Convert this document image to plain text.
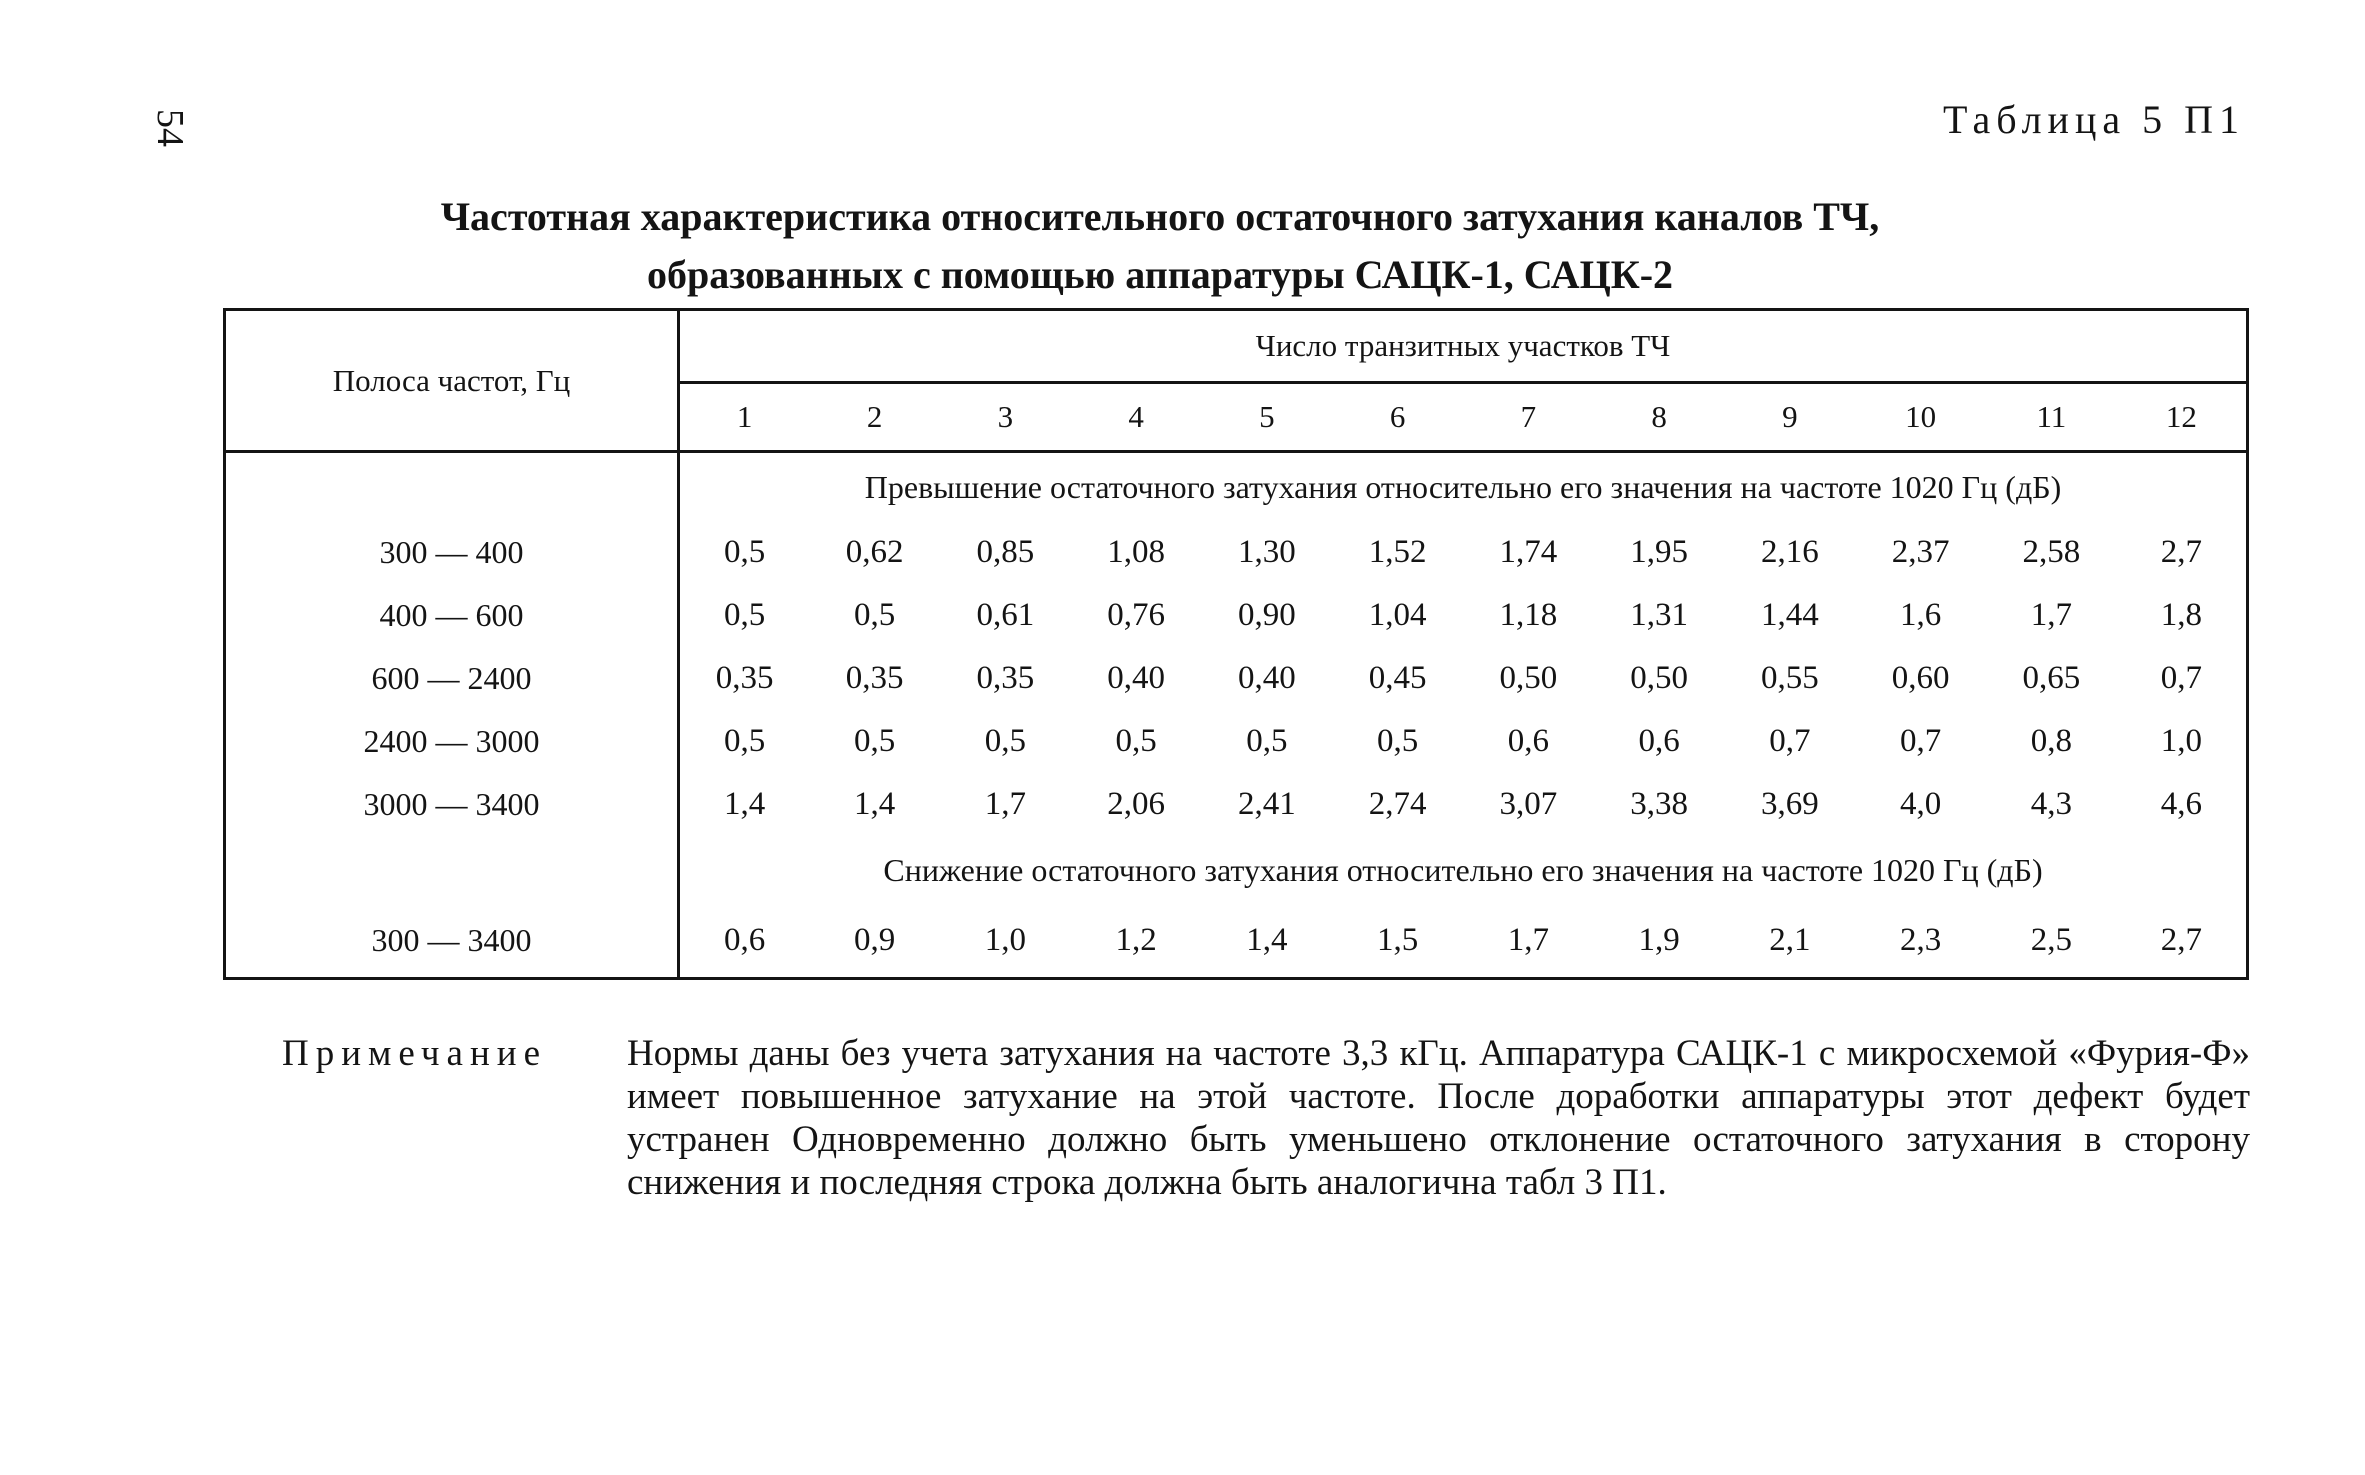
54	Таблица 5 П1
Частотная характеристика относительного остаточного затухания каналов ТЧ,
образованных с помощью аппаратуры САЦК-1, САЦК-2
Полоса частот, Гц	Число транзитных участков ТЧ											
	1	2	3	4	5	6	7	8	9	10	11	12
	Превышение остаточного затухания относительно его значения на частоте 1020 Гц (дБ)											
300 — 400	0,5	0,62	0,85	1,08	1,30	1,52	1,74	1,95	2,16	2,37	2,58	2,7
400 — 600	0,5	0,5	0,61	0,76	0,90	1,04	1,18	1,31	1,44	1,6	1,7	1,8
600 — 2400	0,35	0,35	0,35	0,40	0,40	0,45	0,50	0,50	0,55	0,60	0,65	0,7
2400 — 3000	0,5	0,5	0,5	0,5	0,5	0,5	0,6	0,6	0,7	0,7	0,8	1,0
3000 — 3400	1,4	1,4	1,7	2,06	2,41	2,74	3,07	3,38	3,69	4,0	4,3	4,6
	Снижение остаточного затухания относительно его значения на частоте 1020 Гц (дБ)											
300 — 3400	0,6	0,9	1,0	1,2	1,4	1,5	1,7	1,9	2,1	2,3	2,5	2,7
Примечание Нормы даны без учета затухания на частоте 3,3 кГц. Аппаратура САЦК-1 с микросхемой «Фурия-Ф» имеет повышенное затухание на этой частоте. После доработки аппаратуры этот дефект будет устранен Одновременно должно быть уменьшено отклонение остаточного затухания в сторону снижения и последняя строка должна быть аналогична табл 3 П1.
